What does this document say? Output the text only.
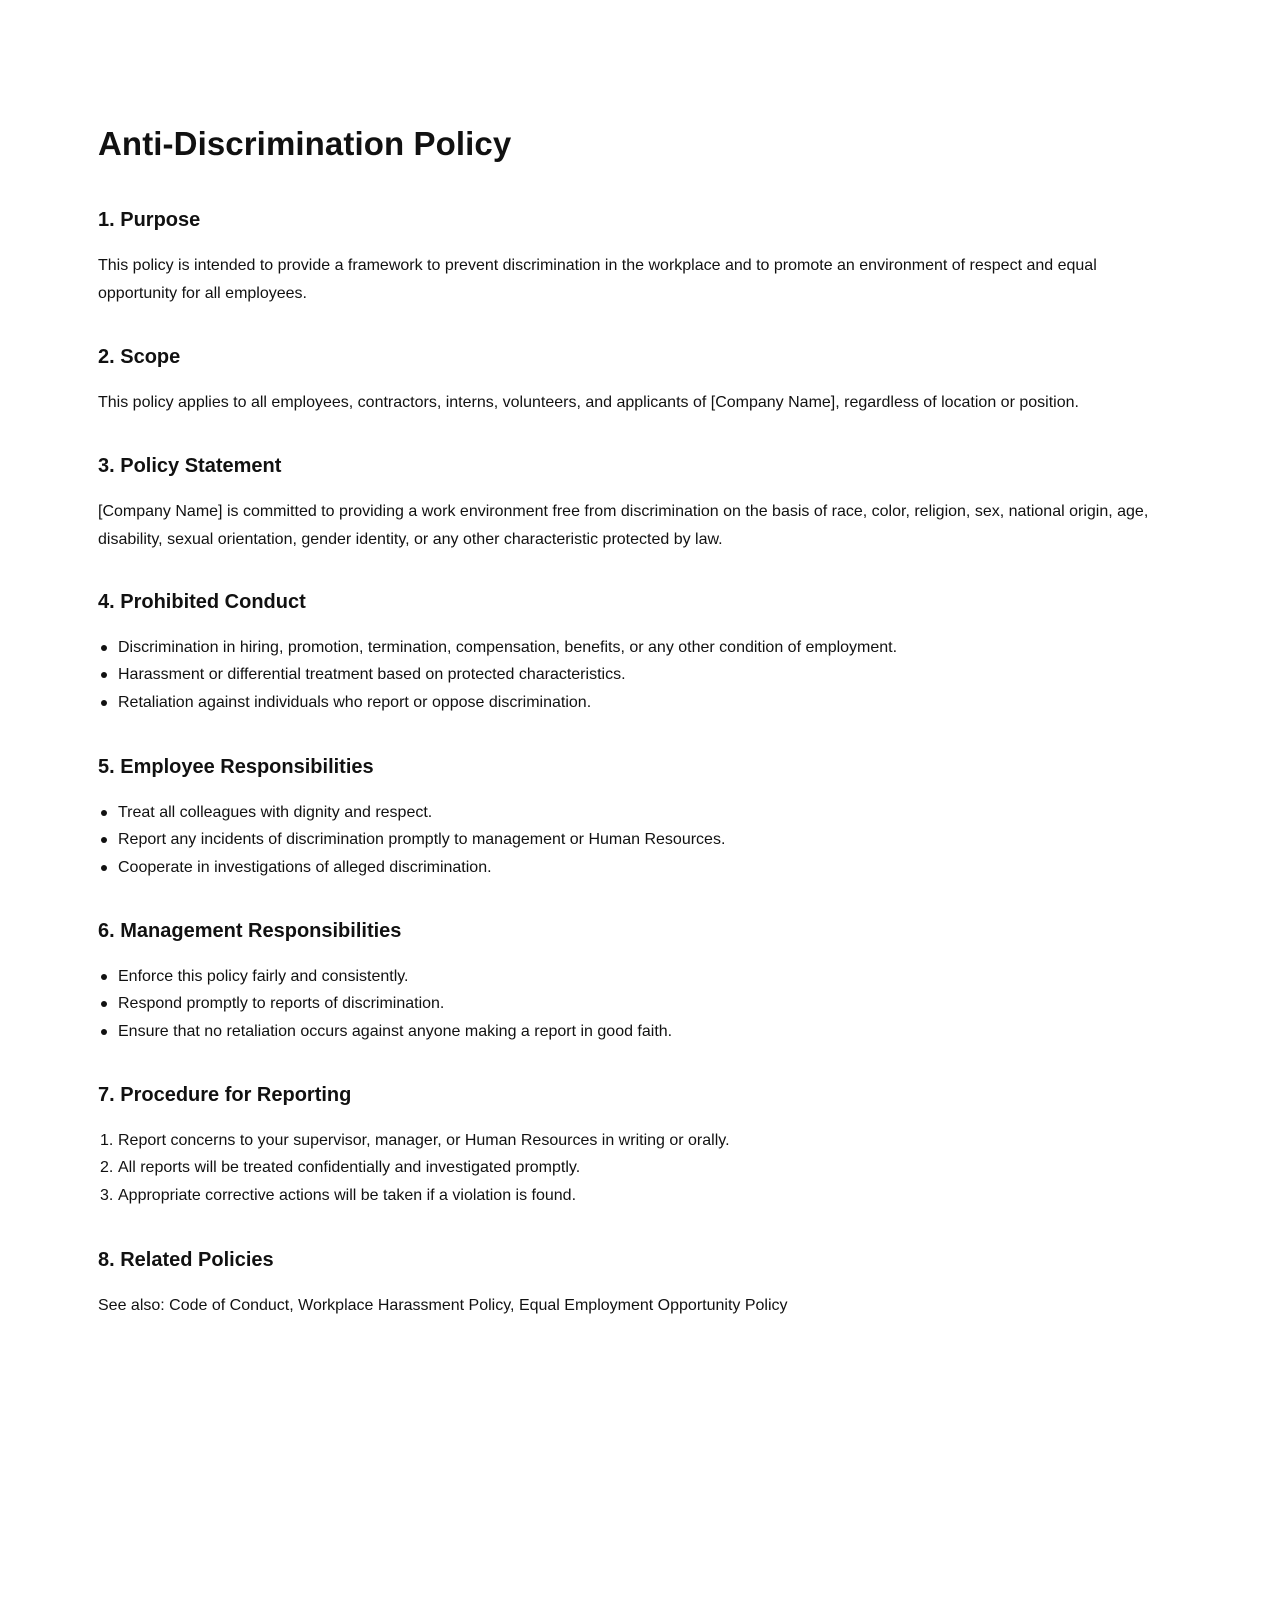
Anti-Discrimination Policy
1. Purpose

This policy is intended to provide a framework to prevent discrimination in the workplace and to promote an environment of respect and equal opportunity for all employees.

2. Scope

This policy applies to all employees, contractors, interns, volunteers, and applicants of [Company Name], regardless of location or position.

3. Policy Statement

[Company Name] is committed to providing a work environment free from discrimination on the basis of race, color, religion, sex, national origin, age, disability, sexual orientation, gender identity, or any other characteristic protected by law.

4. Prohibited Conduct
Discrimination in hiring, promotion, termination, compensation, benefits, or any other condition of employment.
Harassment or differential treatment based on protected characteristics.
Retaliation against individuals who report or oppose discrimination.
5. Employee Responsibilities
Treat all colleagues with dignity and respect.
Report any incidents of discrimination promptly to management or Human Resources.
Cooperate in investigations of alleged discrimination.
6. Management Responsibilities
Enforce this policy fairly and consistently.
Respond promptly to reports of discrimination.
Ensure that no retaliation occurs against anyone making a report in good faith.
7. Procedure for Reporting
1. Report concerns to your supervisor, manager, or Human Resources in writing or orally.
2. All reports will be treated confidentially and investigated promptly.
3. Appropriate corrective actions will be taken if a violation is found.
8. Related Policies

See also: Code of Conduct, Workplace Harassment Policy, Equal Employment Opportunity Policy
